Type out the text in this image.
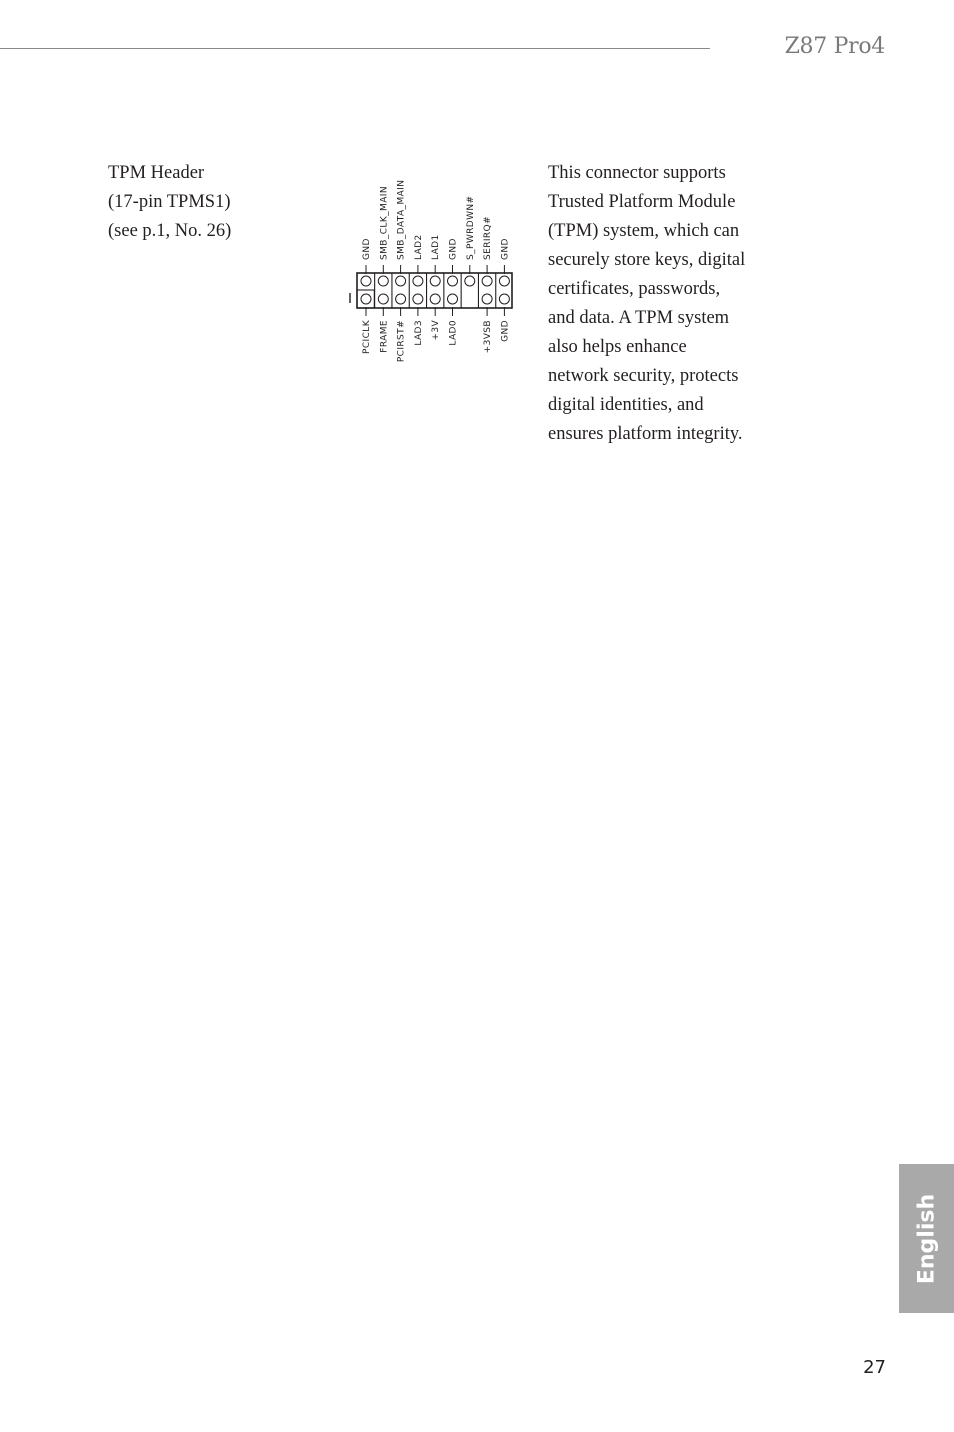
Z87 Pro4
TPM Header
(17-pin TPMS1)
(see p.1, No. 26)
1
GND SMB_CLK_MAIN SMB_DATA_MAIN LAD2 LAD1 GND S_PWRDWN# SERIRQ# GND
PCICLK FRAME PCIRST# LAD3 +3V LAD0	+3VSB GND
This connector supports
Trusted Platform Module
(TPM) system, which can
securely store keys, digital
certificates, passwords,
and data. A TPM system
also helps enhance
network security, protects
digital identities, and
ensures platform integrity.
English
27
